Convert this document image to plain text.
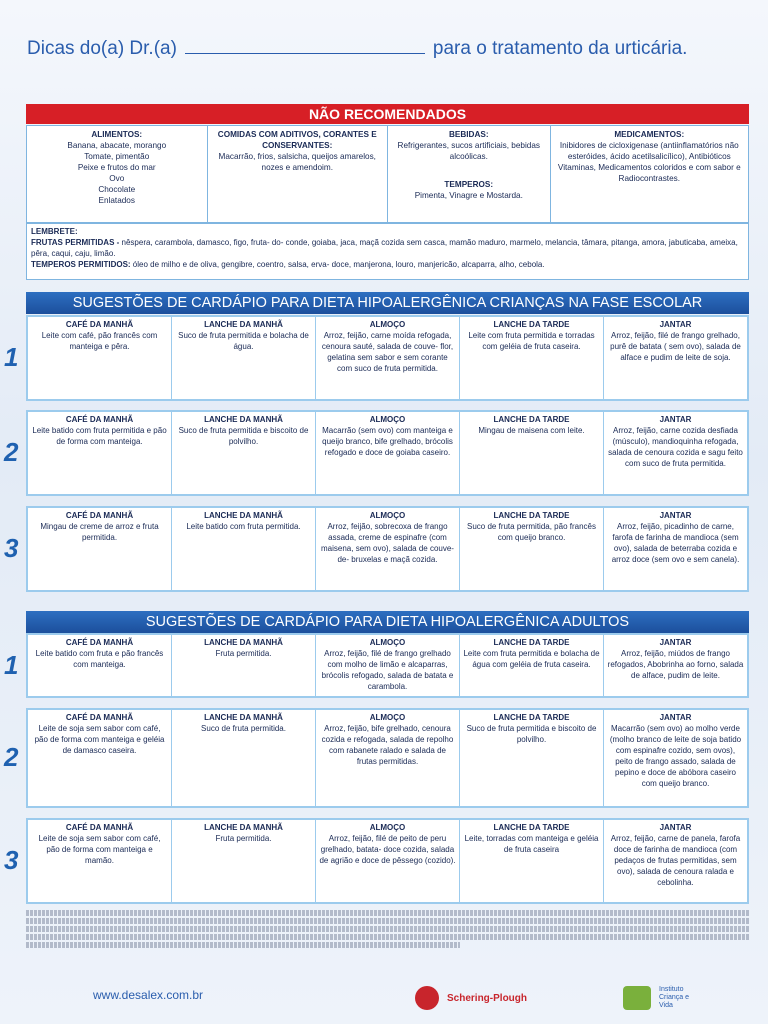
Dicas do(a) Dr.(a)	para o tratamento da urticária.
NÃO RECOMENDADOS
ALIMENTOS:
Banana, abacate, morango
Tomate, pimentão
Peixe e frutos do mar
Ovo
Chocolate
Enlatados
COMIDAS COM ADITIVOS, CORANTES E CONSERVANTES:
Macarrão, frios, salsicha, queijos amarelos, nozes e amendoim.
BEBIDAS:
Refrigerantes, sucos artificiais, bebidas alcoólicas.
TEMPEROS:
Pimenta, Vinagre e Mostarda.
MEDICAMENTOS:
Inibidores de cicloxigenase (antiinflamatórios não esteróides, ácido acetilsalicílico), Antibióticos Vitaminas, Medicamentos coloridos e com sabor e Radiocontrastes.
LEMBRETE:
FRUTAS PERMITIDAS - nêspera, carambola, damasco, figo, fruta- do- conde, goiaba, jaca, maçã cozida sem casca, mamão maduro, marmelo, melancia, tâmara, pitanga, amora, jabuticaba, ameixa, pêra, caqui, caju, limão.
TEMPEROS PERMITIDOS: óleo de milho e de oliva, gengibre, coentro, salsa, erva- doce, manjerona, louro, manjericão, alcaparra, alho, cebola.
SUGESTÕES DE CARDÁPIO PARA DIETA HIPOALERGÊNICA CRIANÇAS NA FASE ESCOLAR
1
CAFÉ DA MANHÃ
Leite com café, pão francês com manteiga e pêra.
LANCHE DA MANHÃ
Suco de fruta permitida e bolacha de água.
ALMOÇO
Arroz, feijão, carne moída refogada, cenoura sauté, salada de couve- flor, gelatina sem sabor e sem corante com suco de fruta permitida.
LANCHE DA TARDE
Leite com fruta permitida e torradas com geléia de fruta caseira.
JANTAR
Arroz, feijão, filé de frango grelhado, purê de batata ( sem ovo), salada de alface e pudim de leite de soja.
2
CAFÉ DA MANHÃ
Leite batido com fruta permitida e pão de forma com manteiga.
LANCHE DA MANHÃ
Suco de fruta permitida e biscoito de polvilho.
ALMOÇO
Macarrão (sem ovo) com manteiga e queijo branco, bife grelhado, brócolis refogado e doce de goiaba caseiro.
LANCHE DA TARDE
Mingau de maisena com leite.
JANTAR
Arroz, feijão, carne cozida desfiada (músculo), mandioquinha refogada, salada de cenoura cozida e sagu feito com suco de fruta permitida.
3
CAFÉ DA MANHÃ
Mingau de creme de arroz e fruta permitida.
LANCHE DA MANHÃ
Leite batido com fruta permitida.
ALMOÇO
Arroz, feijão, sobrecoxa de frango assada, creme de espinafre (com maisena, sem ovo), salada de couve- de- bruxelas e maçã cozida.
LANCHE DA TARDE
Suco de fruta permitida, pão francês com queijo branco.
JANTAR
Arroz, feijão, picadinho de carne, farofa de farinha de mandioca (sem ovo), salada de beterraba cozida e arroz doce (sem ovo e sem canela).
SUGESTÕES DE CARDÁPIO PARA DIETA HIPOALERGÊNICA ADULTOS
1
CAFÉ DA MANHÃ
Leite batido com fruta e pão francês com manteiga.
LANCHE DA MANHÃ
Fruta permitida.
ALMOÇO
Arroz, feijão, filé de frango grelhado com molho de limão e alcaparras, brócolis refogado, salada de batata e carambola.
LANCHE DA TARDE
Leite com fruta permitida e bolacha de água com geléia de fruta caseira.
JANTAR
Arroz, feijão, miúdos de frango refogados, Abobrinha ao forno, salada de alface, pudim de leite.
2
CAFÉ DA MANHÃ
Leite de soja sem sabor com café, pão de forma com manteiga e geléia de damasco caseira.
LANCHE DA MANHÃ
Suco de fruta permitida.
ALMOÇO
Arroz, feijão, bife grelhado, cenoura cozida e refogada, salada de repolho com rabanete ralado e salada de frutas permitidas.
LANCHE DA TARDE
Suco de fruta permitida e biscoito de polvilho.
JANTAR
Macarrão (sem ovo) ao molho verde (molho branco de leite de soja batido com espinafre cozido, sem ovos), peito de frango assado, salada de pepino e doce de abóbora caseiro com queijo branco.
3
CAFÉ DA MANHÃ
Leite de soja sem sabor com café, pão de forma com manteiga e mamão.
LANCHE DA MANHÃ
Fruta permitida.
ALMOÇO
Arroz, feijão, filé de peito de peru grelhado, batata- doce cozida, salada de agrião e doce de pêssego (cozido).
LANCHE DA TARDE
Leite, torradas com manteiga e geléia de fruta caseira
JANTAR
Arroz, feijão, carne de panela, farofa doce de farinha de mandioca (com pedaços de frutas permitidas, sem ovo), salada de cenoura ralada e cebolinha.
www.desalex.com.br	Schering-Plough
Instituto Criança e Vida
